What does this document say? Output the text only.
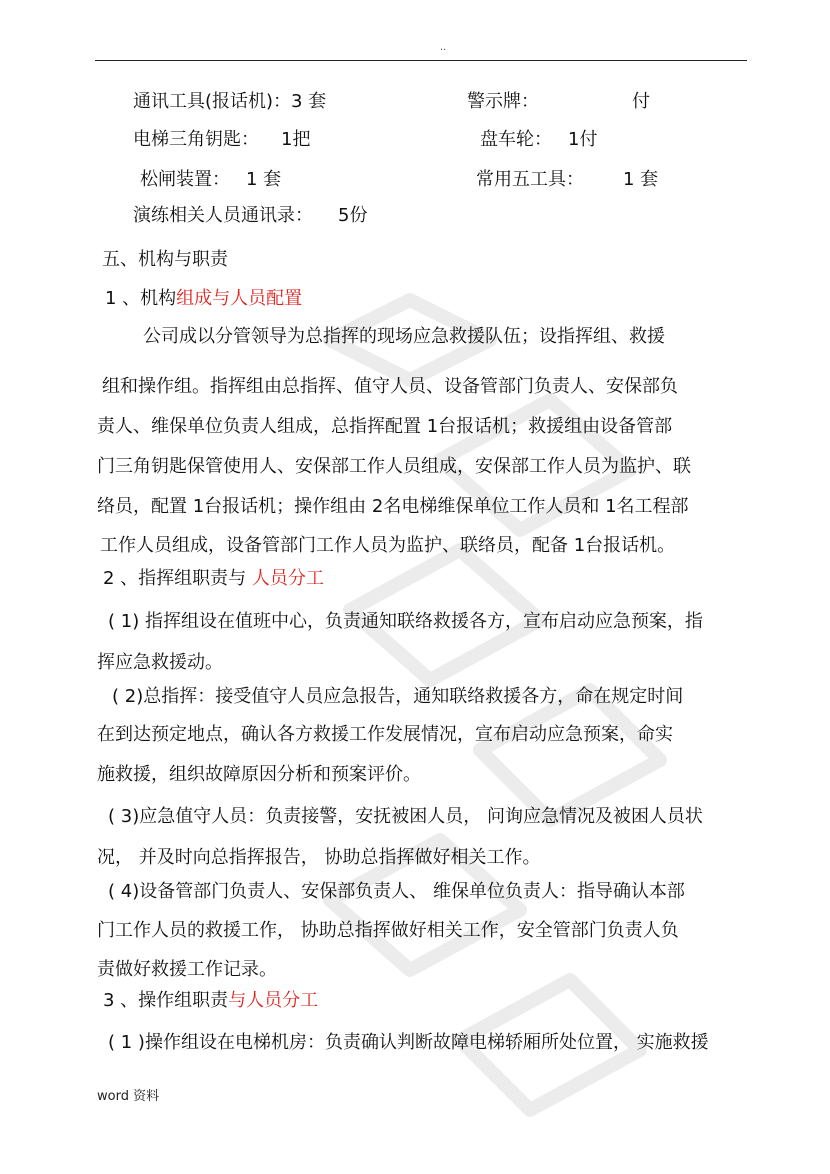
..
通讯工具(报话机)：3 套	警示牌：	付
电梯三角钥匙： 1把	盘车轮： 1付
松闸装置： 1 套	常用五工具： 1 套
演练相关人员通讯录： 5份
五、机构与职责
1 、机构组成与人员配置
公司成以分管领导为总指挥的现场应急救援队伍；设指挥组、救援
组和操作组。指挥组由总指挥、值守人员、设备管部门负责人、安保部负
责人、维保单位负责人组成，总指挥配置 1台报话机；救援组由设备管部
门三角钥匙保管使用人、安保部工作人员组成，安保部工作人员为监护、联
络员，配置 1台报话机；操作组由 2名电梯维保单位工作人员和 1名工程部
工作人员组成，设备管部门工作人员为监护、联络员，配备 1台报话机。
2 、指挥组职责与 人员分工
( 1) 指挥组设在值班中心，负责通知联络救援各方，宣布启动应急预案，指
挥应急救援动。
( 2)总指挥：接受值守人员应急报告，通知联络救援各方，命在规定时间
在到达预定地点，确认各方救援工作发展情况，宣布启动应急预案，命实
施救援，组织故障原因分析和预案评价。
( 3)应急值守人员：负责接警，安抚被困人员， 问询应急情况及被困人员状
况， 并及时向总指挥报告， 协助总指挥做好相关工作。
( 4)设备管部门负责人、安保部负责人、 维保单位负责人：指导确认本部
门工作人员的救援工作， 协助总指挥做好相关工作，安全管部门负责人负
责做好救援工作记录。
3 、操作组职责与人员分工
( 1 )操作组设在电梯机房：负责确认判断故障电梯轿厢所处位置， 实施救援
word 资料
